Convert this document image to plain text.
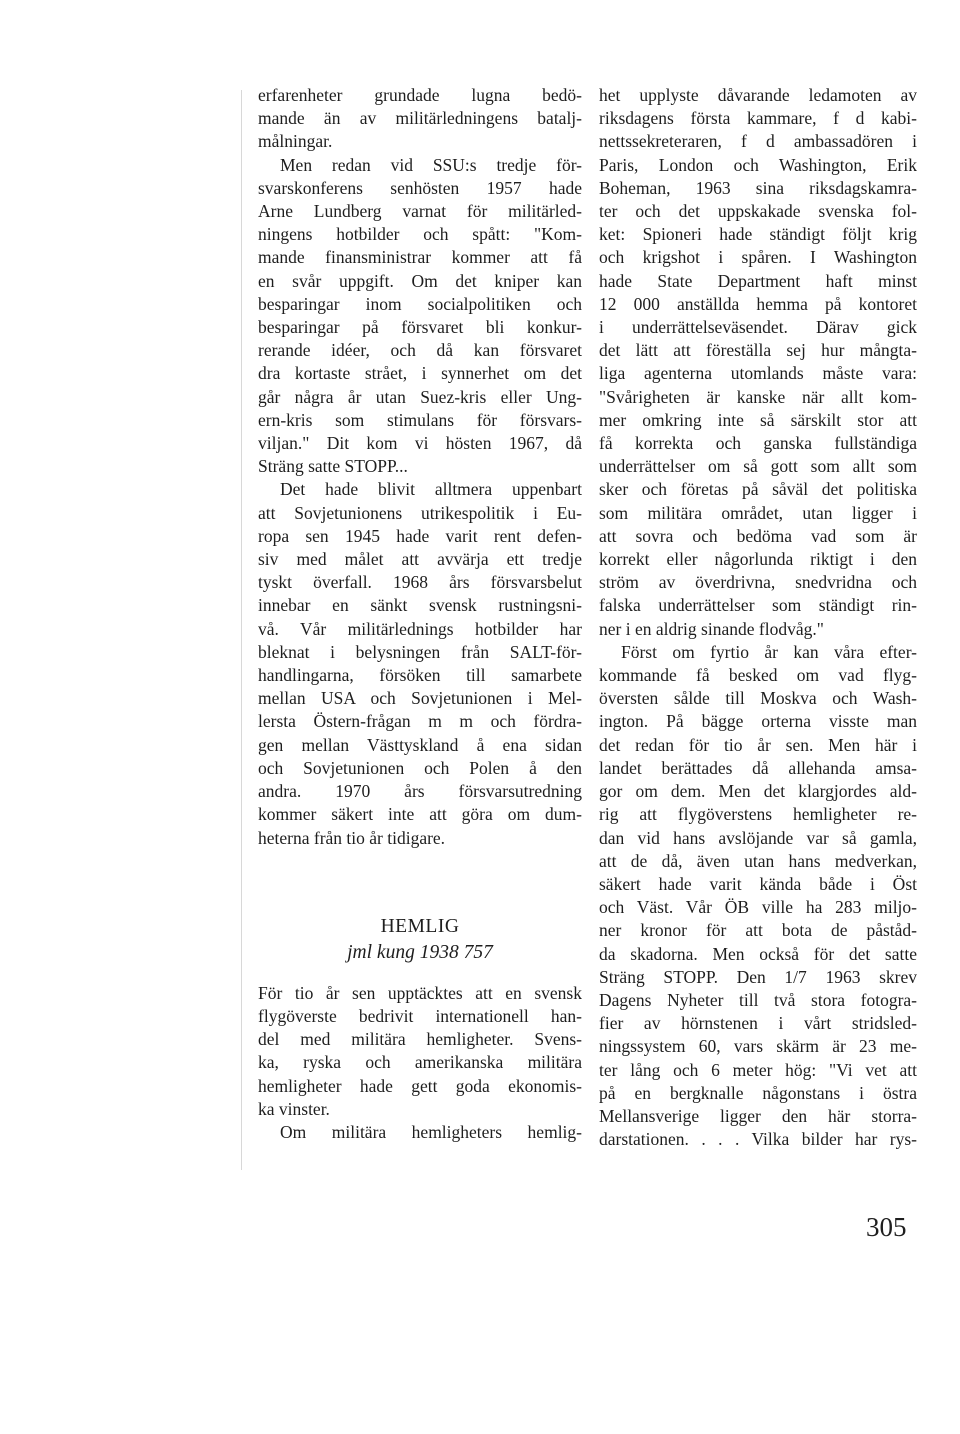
erfarenheter grundade lugna bedö-
mande än av militärledningens batalj-
målningar.

Men redan vid SSU:s tredje för-
svarskonferens senhösten 1957 hade
Arne Lundberg varnat för militärled-
ningens hotbilder och spått: "Kom-
mande finansministrar kommer att få
en svår uppgift. Om det kniper kan
besparingar inom socialpolitiken och
besparingar på försvaret bli konkur-
rerande idéer, och då kan försvaret
dra kortaste strået, i synnerhet om det
går några år utan Suez-kris eller Ung-
ern-kris som stimulans för försvars-
viljan." Dit kom vi hösten 1967, då
Sträng satte STOPP...

Det hade blivit alltmera uppenbart
att Sovjetunionens utrikespolitik i Eu-
ropa sen 1945 hade varit rent defen-
siv med målet att avvärja ett tredje
tyskt överfall. 1968 års försvarsbelut
innebar en sänkt svensk rustningsni-
vå. Vår militärlednings hotbilder har
bleknat i belysningen från SALT-för-
handlingarna, försöken till samarbete
mellan USA och Sovjetunionen i Mel-
lersta Östern-frågan m m och fördra-
gen mellan Västtyskland å ena sidan
och Sovjetunionen och Polen å den
andra. 1970 års försvarsutredning
kommer säkert inte att göra om dum-
heterna från tio år tidigare.

HEMLIG
jml kung 1938 757

För tio år sen upptäcktes att en svensk
flygöverste bedrivit internationell han-
del med militära hemligheter. Svens-
ka, ryska och amerikanska militära
hemligheter hade gett goda ekonomis-
ka vinster.

Om militära hemligheters hemlig-

het upplyste dåvarande ledamoten av
riksdagens första kammare, f d kabi-
nettssekreteraren, f d ambassadören i
Paris, London och Washington, Erik
Boheman, 1963 sina riksdagskamra-
ter och det uppskakade svenska fol-
ket: Spioneri hade ständigt följt krig
och krigshot i spåren. I Washington
hade State Department haft minst
12 000 anställda hemma på kontoret
i underrättelseväsendet. Därav gick
det lätt att föreställa sej hur mångta-
liga agenterna utomlands måste vara:
"Svårigheten är kanske när allt kom-
mer omkring inte så särskilt stor att
få korrekta och ganska fullständiga
underrättelser om så gott som allt som
sker och företas på såväl det politiska
som militära området, utan ligger i
att sovra och bedöma vad som är
korrekt eller någorlunda riktigt i den
ström av överdrivna, snedvridna och
falska underrättelser som ständigt rin-
ner i en aldrig sinande flodvåg."

Först om fyrtio år kan våra efter-
kommande få besked om vad flyg-
översten sålde till Moskva och Wash-
ington. På bägge orterna visste man
det redan för tio år sen. Men här i
landet berättades då allehanda amsa-
gor om dem. Men det klargjordes ald-
rig att flygöverstens hemligheter re-
dan vid hans avslöjande var så gamla,
att de då, även utan hans medverkan,
säkert hade varit kända både i Öst
och Väst. Vår ÖB ville ha 283 miljo-
ner kronor för att bota de påståd-
da skadorna. Men också för det satte
Sträng STOPP. Den 1/7 1963 skrev
Dagens Nyheter till två stora fotogra-
fier av hörnstenen i vårt stridsled-
ningssystem 60, vars skärm är 23 me-
ter lång och 6 meter hög: "Vi vet att
på en bergknalle någonstans i östra
Mellansverige ligger den här storra-
darstationen. . . . Vilka bilder har rys-

305
